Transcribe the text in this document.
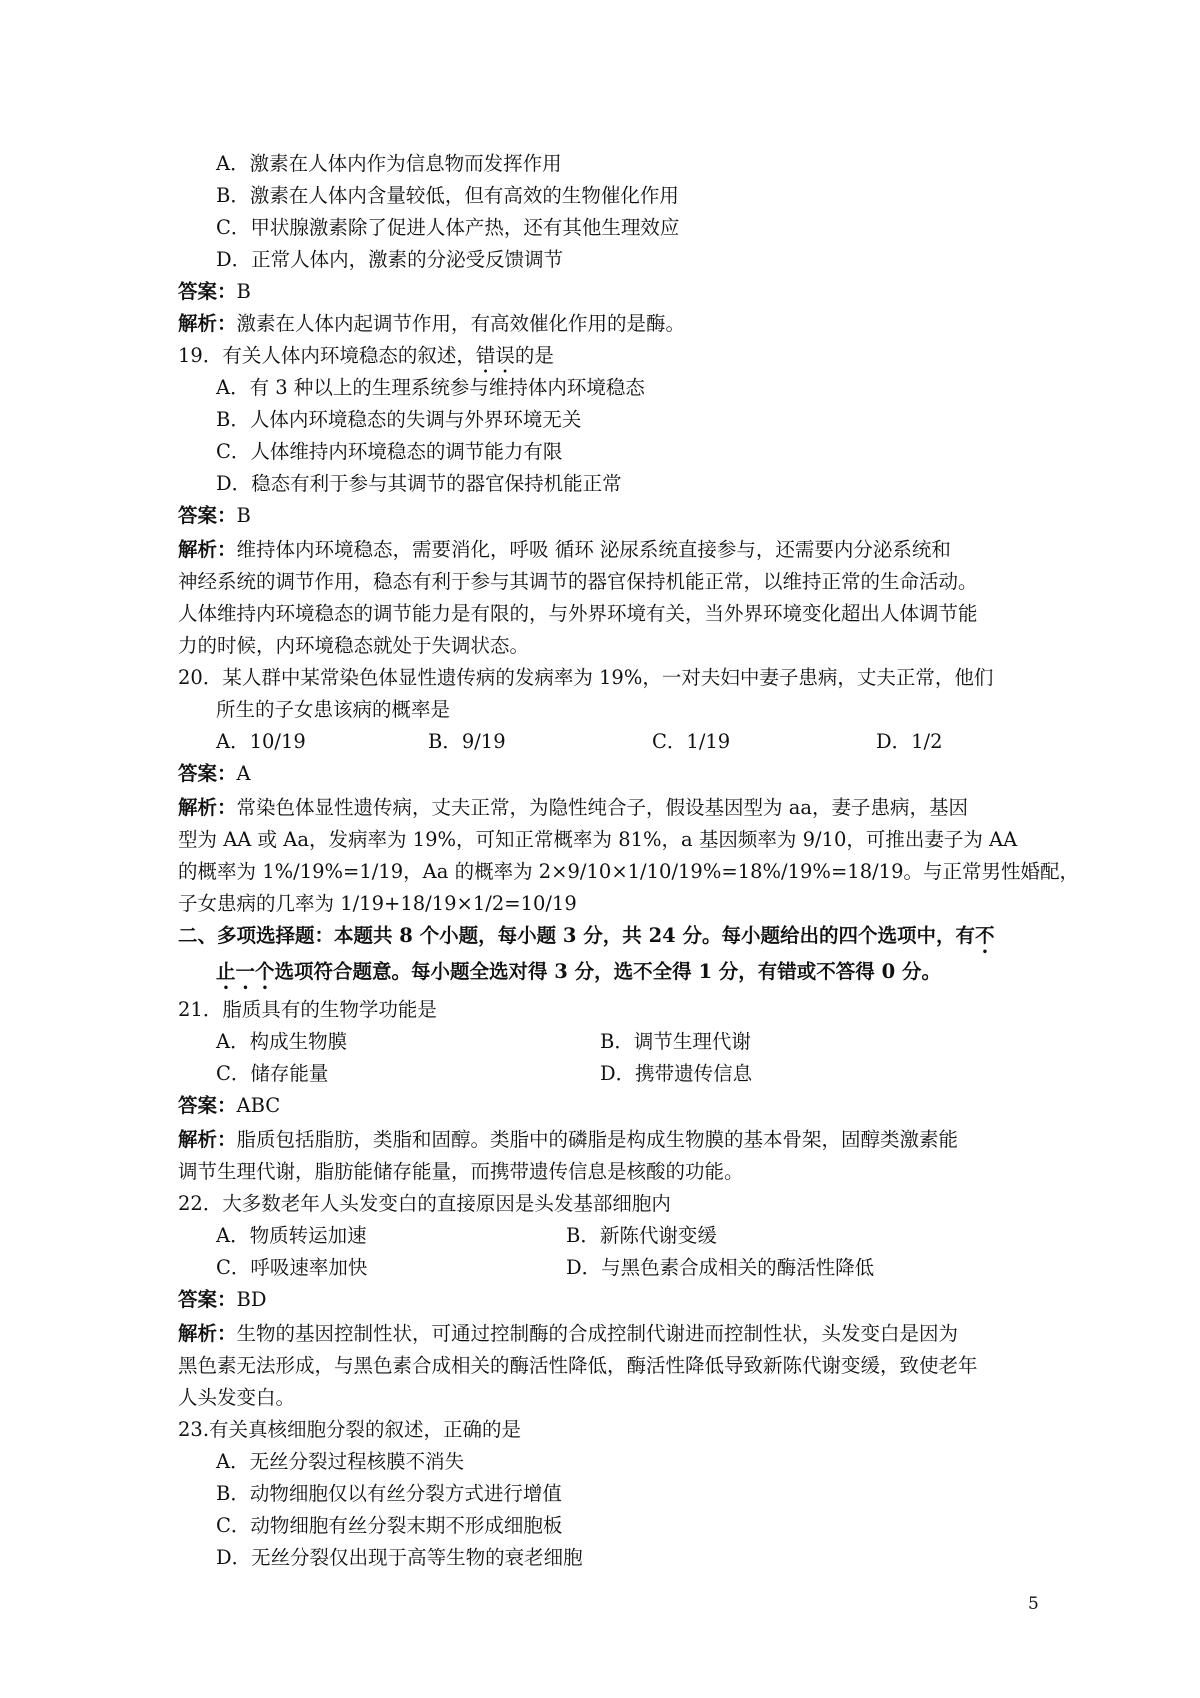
A．激素在人体内作为信息物而发挥作用
B．激素在人体内含量较低，但有高效的生物催化作用
C．甲状腺激素除了促进人体产热，还有其他生理效应
D．正常人体内，激素的分泌受反馈调节
答案：B
解析：激素在人体内起调节作用，有高效催化作用的是酶。
19．有关人体内环境稳态的叙述，错误的是
A．有 3 种以上的生理系统参与维持体内环境稳态
B．人体内环境稳态的失调与外界环境无关
C．人体维持内环境稳态的调节能力有限
D．稳态有利于参与其调节的器官保持机能正常
答案：B
解析：维持体内环境稳态，需要消化，呼吸 循环 泌尿系统直接参与，还需要内分泌系统和
神经系统的调节作用，稳态有利于参与其调节的器官保持机能正常，以维持正常的生命活动。
人体维持内环境稳态的调节能力是有限的，与外界环境有关，当外界环境变化超出人体调节能
力的时候，内环境稳态就处于失调状态。
20．某人群中某常染色体显性遗传病的发病率为 19%，一对夫妇中妻子患病，丈夫正常，他们
所生的子女患该病的概率是
A．10/19	B．9/19	C．1/19	D．1/2
答案：A
解析：常染色体显性遗传病，丈夫正常，为隐性纯合子，假设基因型为 aa，妻子患病，基因
型为 AA 或 Aa，发病率为 19%，可知正常概率为 81%，a 基因频率为 9/10，可推出妻子为 AA
的概率为 1%/19%=1/19，Aa 的概率为 2×9/10×1/10/19%=18%/19%=18/19。与正常男性婚配，
子女患病的几率为 1/19+18/19×1/2=10/19
二、多项选择题：本题共 8 个小题，每小题 3 分，共 24 分。每小题给出的四个选项中，有不
止一个选项符合题意。每小题全选对得 3 分，选不全得 1 分，有错或不答得 0 分。
21．脂质具有的生物学功能是
A．构成生物膜	B．调节生理代谢
C．储存能量	D．携带遗传信息
答案：ABC
解析：脂质包括脂肪，类脂和固醇。类脂中的磷脂是构成生物膜的基本骨架，固醇类激素能
调节生理代谢，脂肪能储存能量，而携带遗传信息是核酸的功能。
22．大多数老年人头发变白的直接原因是头发基部细胞内
A．物质转运加速	B．新陈代谢变缓
C．呼吸速率加快	D．与黑色素合成相关的酶活性降低
答案：BD
解析：生物的基因控制性状，可通过控制酶的合成控制代谢进而控制性状，头发变白是因为
黑色素无法形成，与黑色素合成相关的酶活性降低，酶活性降低导致新陈代谢变缓，致使老年
人头发变白。
23.有关真核细胞分裂的叙述，正确的是
A．无丝分裂过程核膜不消失
B．动物细胞仅以有丝分裂方式进行增值
C．动物细胞有丝分裂末期不形成细胞板
D．无丝分裂仅出现于高等生物的衰老细胞
5
